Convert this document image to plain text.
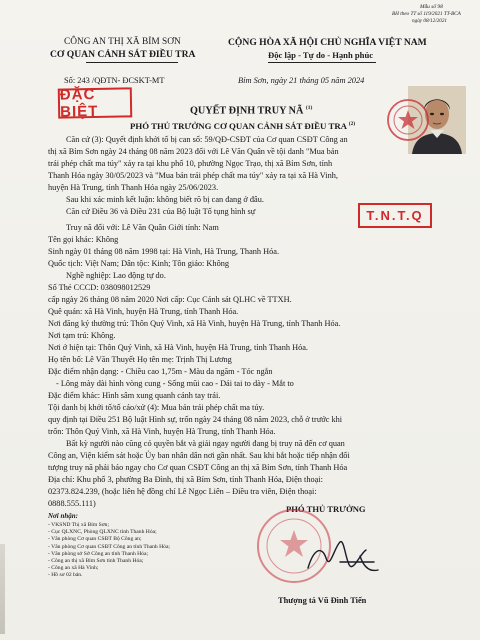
Mẫu số 98
BH theo TT số 119/2021 TT-BCA
ngày 08/12/2021
CÔNG AN THỊ XÃ BỈM SƠN
CƠ QUAN CẢNH SÁT ĐIỀU TRA
Số: 243 /QĐTN- ĐCSKT-MT
CỘNG HÒA XÃ HỘI CHỦ NGHĨA VIỆT NAM
Độc lập - Tự do - Hạnh phúc
Bỉm Sơn, ngày 21 tháng 05 năm 2024
ĐẶC BIỆT	QUYẾT ĐỊNH TRUY NÃ $^{(1)}$
PHÓ THỦ TRƯỞNG CƠ QUAN CẢNH SÁT ĐIỀU TRA $^{(2)}$
Căn cứ (3): Quyết định khởi tố bị can số: 59/QĐ-CSĐT của Cơ quan CSĐT Công an
thị xã Bỉm Sơn ngày 24 tháng 08 năm 2023 đối với Lê Văn Quân về tội danh "Mua bán
trái phép chất ma túy" xảy ra tại khu phố 10, phường Ngọc Trạo, thị xã Bỉm Sơn, tỉnh
Thanh Hóa ngày 30/05/2023 và "Mua bán trái phép chất ma túy" xảy ra tại xã Hà Vinh,
huyện Hà Trung, tỉnh Thanh Hóa ngày 25/06/2023.
Sau khi xác minh kết luận: không biết rõ bị can đang ở đâu.
Căn cứ Điều 36 và Điều 231 của Bộ luật Tố tụng hình sự	T.N.T.Q
Truy nã đối với: Lê Văn Quân Giới tính: Nam
Tên gọi khác: Không
Sinh ngày 01 tháng 08 năm 1998 tại: Hà Vinh, Hà Trung, Thanh Hóa.
Quốc tịch: Việt Nam; Dân tộc: Kinh; Tôn giáo: Không
Nghề nghiệp: Lao động tự do.
Số Thẻ CCCD: 038098012529
cấp ngày 26 tháng 08 năm 2020 Nơi cấp: Cục Cảnh sát QLHC về TTXH.
Quê quán: xã Hà Vinh, huyện Hà Trung, tỉnh Thanh Hóa.
Nơi đăng ký thường trú: Thôn Quý Vinh, xã Hà Vinh, huyện Hà Trung, tỉnh Thanh Hóa.
Nơi tạm trú: Không.
Nơi ở hiện tại: Thôn Quý Vinh, xã Hà Vinh, huyện Hà Trung, tỉnh Thanh Hóa.
Họ tên bố: Lê Văn Thuyết Họ tên mẹ: Trịnh Thị Lương
Đặc điểm nhận dạng: - Chiều cao 1,75m - Màu da ngăm - Tóc ngắn
- Lông mày dài hình vòng cung - Sống mũi cao - Dái tai to dày - Mắt to
Đặc điểm khác: Hình sâm xung quanh cánh tay trái.
Tội danh bị khởi tố/tố cáo/xử (4): Mua bán trái phép chất ma túy.
quy định tại Điều 251 Bộ luật Hình sự, trốn ngày 24 tháng 08 năm 2023, chỗ ở trước khi
trốn: Thôn Quý Vinh, xã Hà Vinh, huyện Hà Trung, tỉnh Thanh Hóa.
Bất kỳ người nào cũng có quyền bắt và giải ngay người đang bị truy nã đến cơ quan
Công an, Viện kiểm sát hoặc Ủy ban nhân dân nơi gần nhất. Sau khi bắt hoặc tiếp nhận đối
tượng truy nã phải báo ngay cho Cơ quan CSĐT Công an thị xã Bỉm Sơn, tỉnh Thanh Hóa
Địa chỉ: Khu phố 3, phường Ba Đình, thị xã Bỉm Sơn, tỉnh Thanh Hóa, Điện thoại:
02373.824.239, (hoặc liên hệ đồng chí Lê Ngọc Liên – Điều tra viên, Điện thoại:
0888.555.111)
Nơi nhận:
- VKSND Thị xã Bỉm Sơn;
- Cục QLXNC, Phòng QLXNC tỉnh Thanh Hóa;
- Văn phòng Cơ quan CSĐT Bộ Công an;
- Văn phòng Cơ quan CSĐT Công an tỉnh Thanh Hóa;
- Văn phòng sở Sở Công an tỉnh Thanh Hóa;
- Công an thị xã Bỉm Sơn tỉnh Thanh Hóa;
- Công an xã Hà Vinh;
- Hồ sơ 02 bản.
PHÓ THỦ TRƯỞNG
Thượng tá Vũ Đình Tiến
